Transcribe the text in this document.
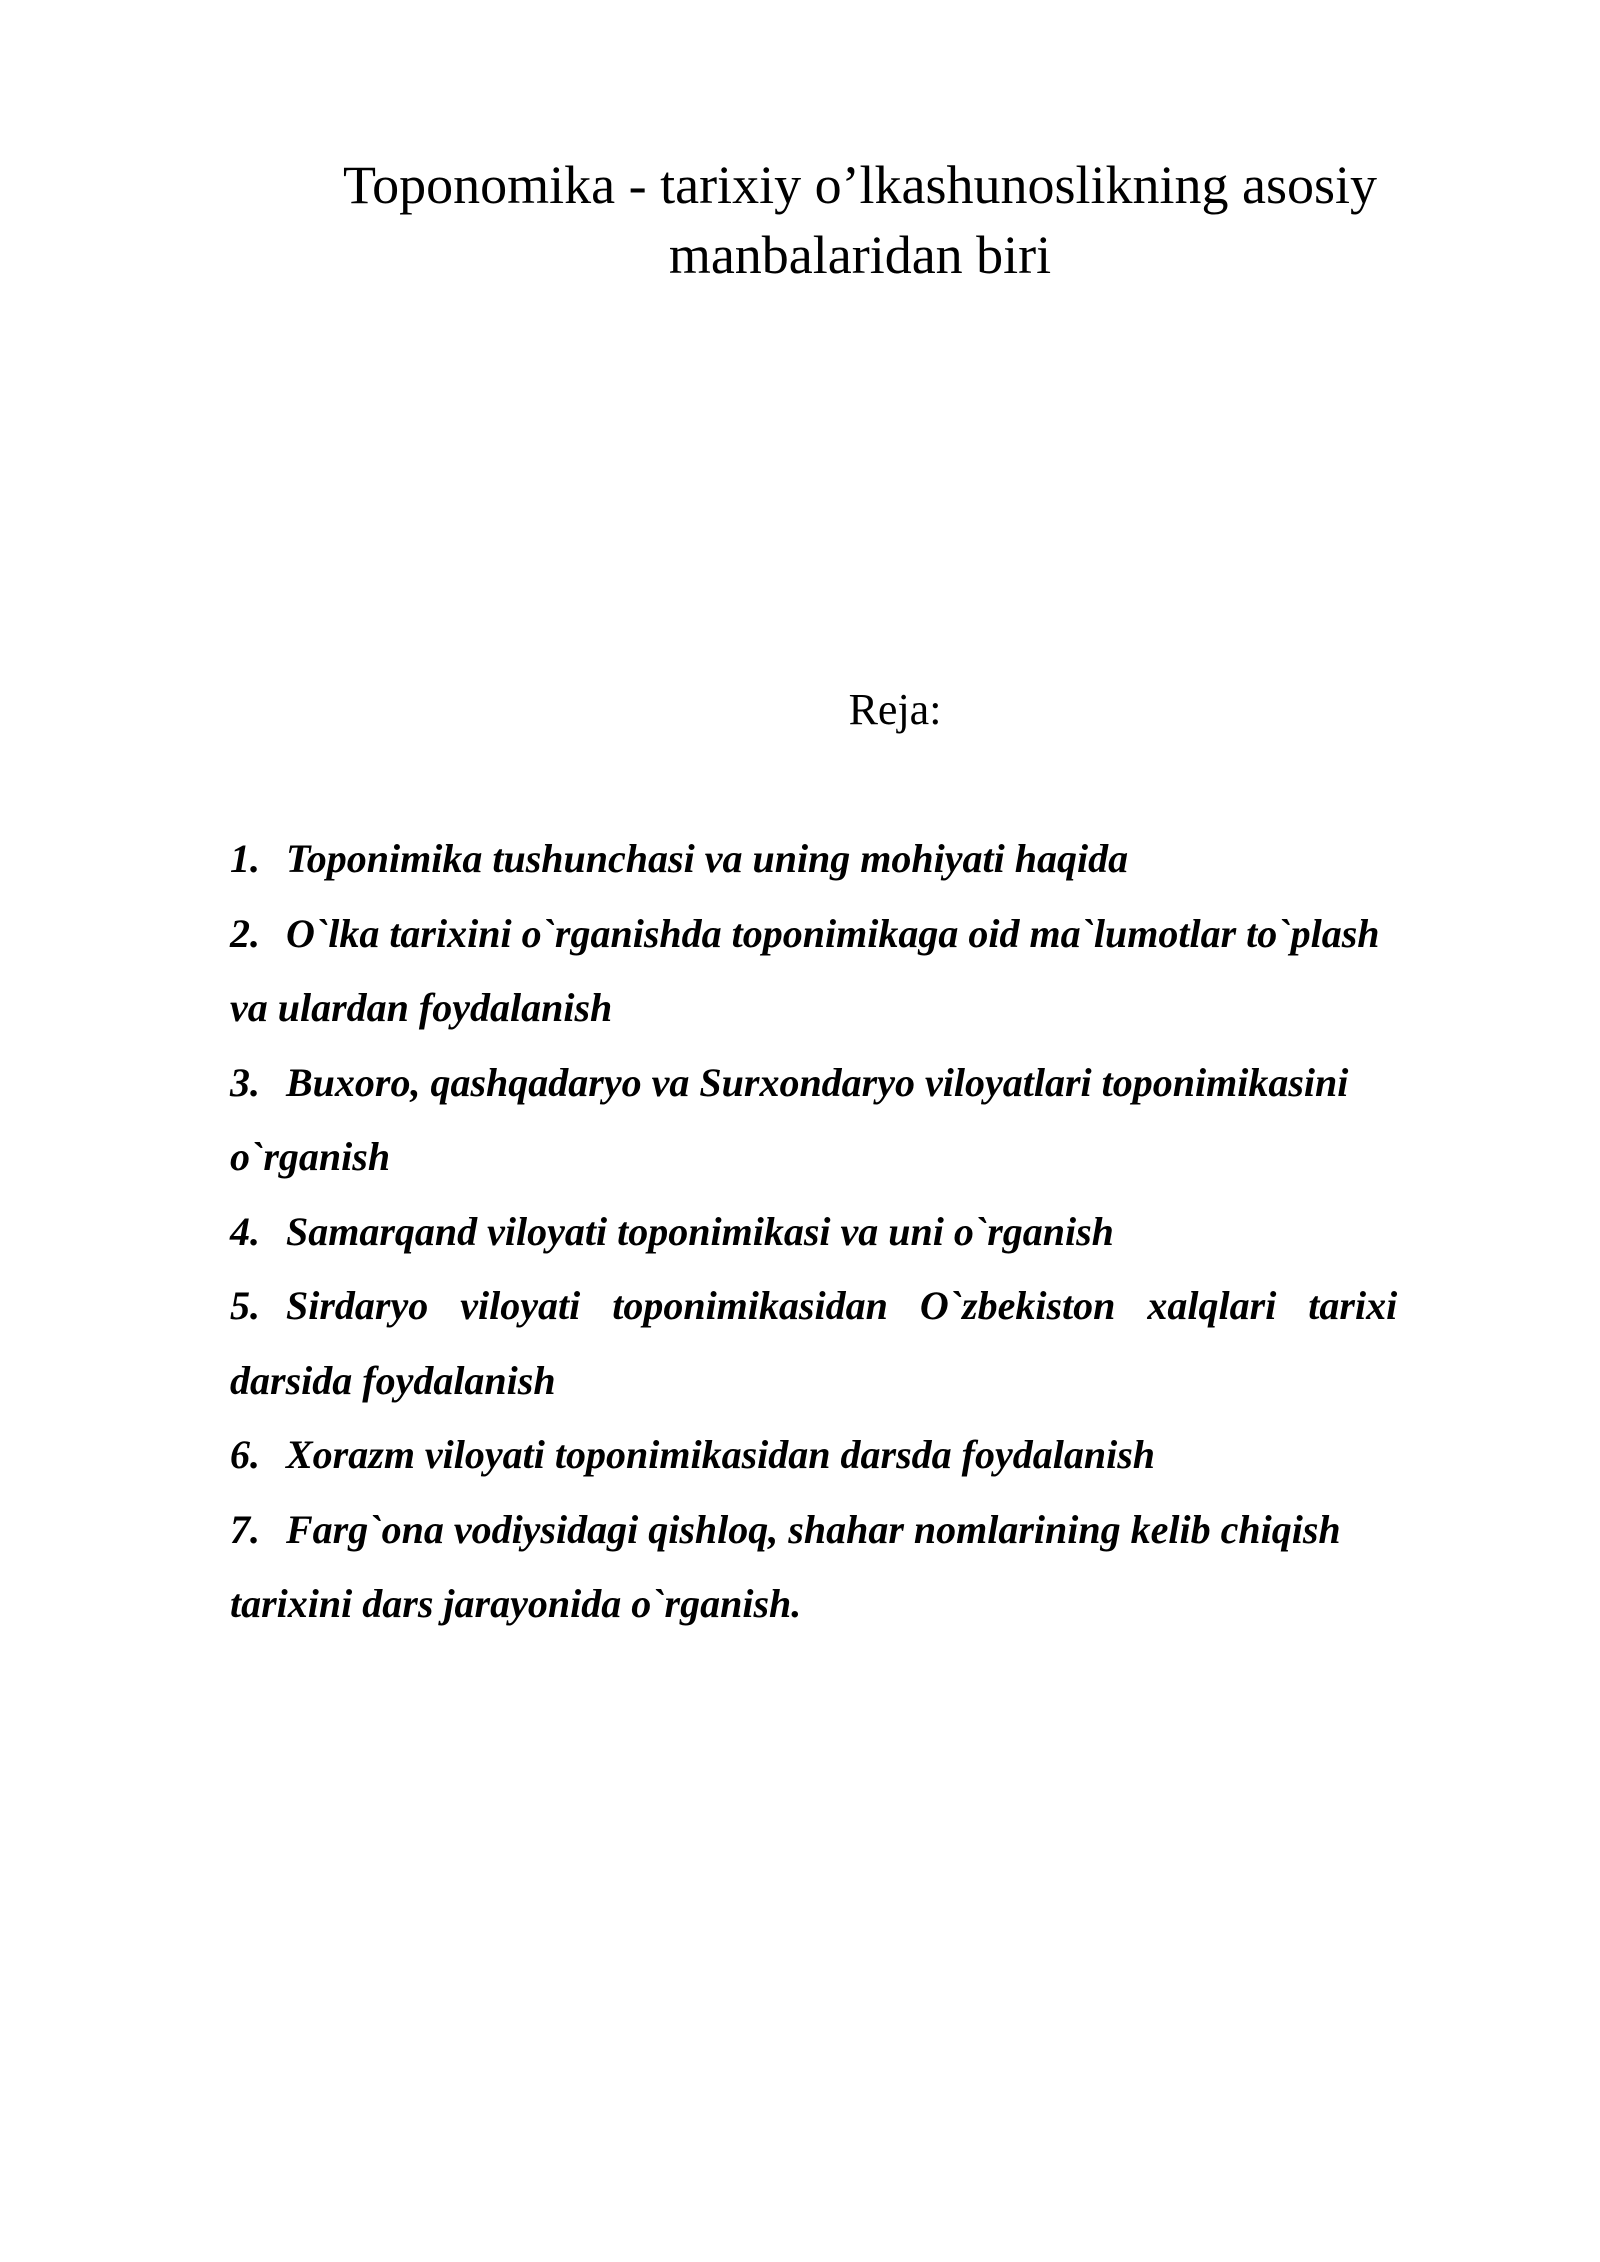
Toponomika - tarixiy o’lkashunoslikning asosiy
manbalaridan biri

Reja:

1. Toponimika tushunchasi va uning mohiyati haqida
2. O`lka tarixini o`rganishda toponimikaga oid ma`lumotlar to`plash
va ulardan foydalanish
3. Buxoro, qashqadaryo va Surxondaryo viloyatlari toponimikasini
o`rganish
4. Samarqand viloyati toponimikasi va uni o`rganish
5. Sirdaryo viloyati toponimikasidan O`zbekiston xalqlari tarixi
darsida foydalanish
6. Xorazm viloyati toponimikasidan darsda foydalanish
7. Farg`ona vodiysidagi qishloq, shahar nomlarining kelib chiqish
tarixini dars jarayonida o`rganish.
